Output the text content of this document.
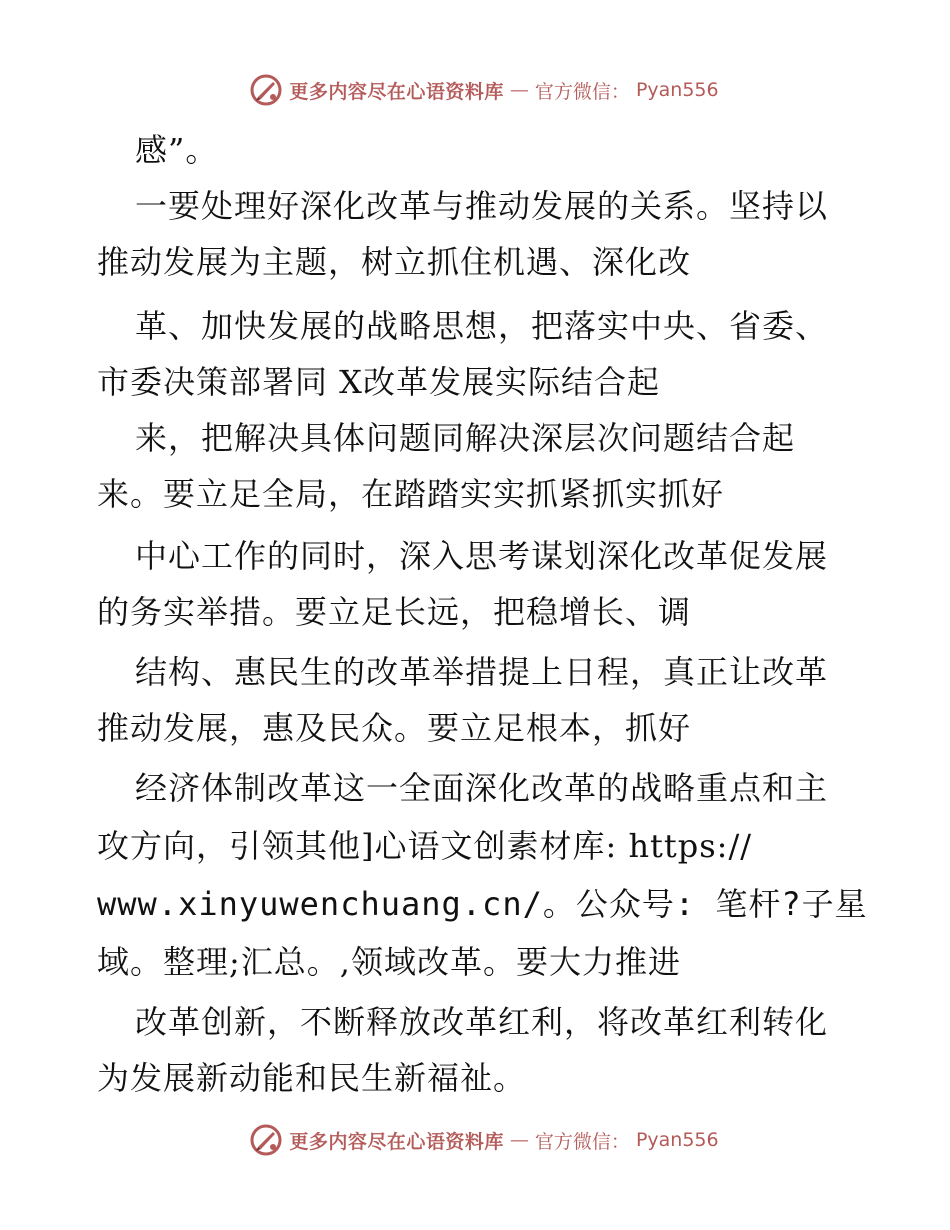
更多内容尽在心语资料库 — 官方微信： Pyan556
感”。
一要处理好深化改革与推动发展的关系。坚持以
推动发展为主题，树立抓住机遇、深化改
革、加快发展的战略思想，把落实中央、省委、
市委决策部署同 X改革发展实际结合起
来，把解决具体问题同解决深层次问题结合起
来。要立足全局，在踏踏实实抓紧抓实抓好
中心工作的同时，深入思考谋划深化改革促发展
的务实举措。要立足长远，把稳增长、调
结构、惠民生的改革举措提上日程，真正让改革
推动发展，惠及民众。要立足根本，抓好
经济体制改革这一全面深化改革的战略重点和主
攻方向，引领其他]心语文创素材库: https://
www.xinyuwenchuang.cn/。公众号: 笔杆?子星
域。整理;汇总。,领域改革。要大力推进
改革创新，不断释放改革红利，将改革红利转化
为发展新动能和民生新福祉。
更多内容尽在心语资料库 — 官方微信： Pyan556
